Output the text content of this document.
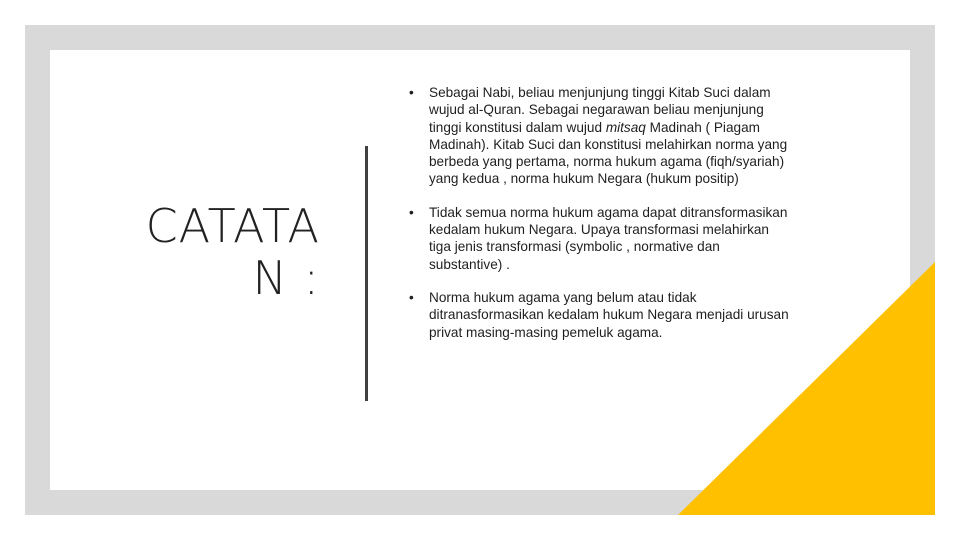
CATATA
N :
• Sebagai Nabi, beliau menjunjung tinggi Kitab Suci dalam wujud al-Quran. Sebagai negarawan beliau menjunjung tinggi konstitusi dalam wujud mitsaq Madinah ( Piagam Madinah). Kitab Suci dan konstitusi melahirkan norma yang berbeda yang pertama, norma hukum agama (fiqh/syariah) yang kedua , norma hukum Negara (hukum positip)
• Tidak semua norma hukum agama dapat ditransformasikan kedalam hukum Negara. Upaya transformasi melahirkan tiga jenis transformasi (symbolic , normative dan substantive) .
• Norma hukum agama yang belum atau tidak ditranasformasikan kedalam hukum Negara menjadi urusan privat masing-masing pemeluk agama.
